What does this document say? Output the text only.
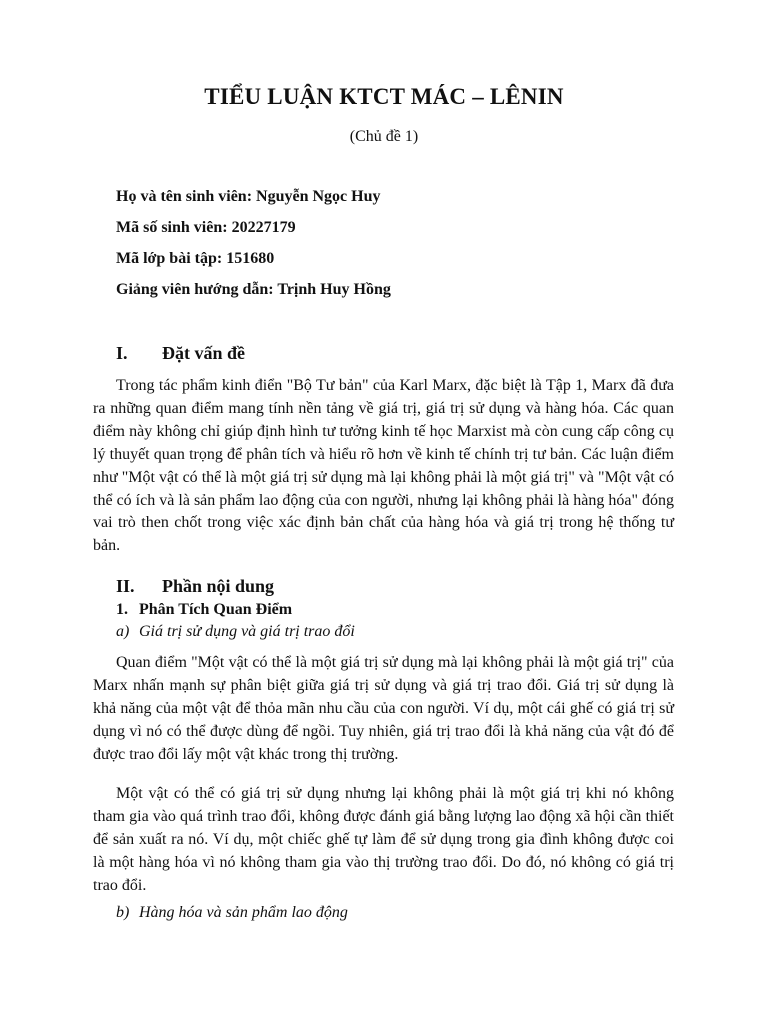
TIỂU LUẬN KTCT MÁC – LÊNIN
(Chủ đề 1)
Họ và tên sinh viên: Nguyễn Ngọc Huy
Mã số sinh viên: 20227179
Mã lớp bài tập: 151680
Giảng viên hướng dẫn: Trịnh Huy Hồng
I. Đặt vấn đề
Trong tác phẩm kinh điển "Bộ Tư bản" của Karl Marx, đặc biệt là Tập 1, Marx đã đưa ra những quan điểm mang tính nền tảng về giá trị, giá trị sử dụng và hàng hóa. Các quan điểm này không chỉ giúp định hình tư tưởng kinh tế học Marxist mà còn cung cấp công cụ lý thuyết quan trọng để phân tích và hiểu rõ hơn về kinh tế chính trị tư bản. Các luận điểm như "Một vật có thể là một giá trị sử dụng mà lại không phải là một giá trị" và "Một vật có thể có ích và là sản phẩm lao động của con người, nhưng lại không phải là hàng hóa" đóng vai trò then chốt trong việc xác định bản chất của hàng hóa và giá trị trong hệ thống tư bản.
II. Phần nội dung
1. Phân Tích Quan Điểm
a) Giá trị sử dụng và giá trị trao đổi
Quan điểm "Một vật có thể là một giá trị sử dụng mà lại không phải là một giá trị" của Marx nhấn mạnh sự phân biệt giữa giá trị sử dụng và giá trị trao đổi. Giá trị sử dụng là khả năng của một vật để thỏa mãn nhu cầu của con người. Ví dụ, một cái ghế có giá trị sử dụng vì nó có thể được dùng để ngồi. Tuy nhiên, giá trị trao đổi là khả năng của vật đó để được trao đổi lấy một vật khác trong thị trường.
Một vật có thể có giá trị sử dụng nhưng lại không phải là một giá trị khi nó không tham gia vào quá trình trao đổi, không được đánh giá bằng lượng lao động xã hội cần thiết để sản xuất ra nó. Ví dụ, một chiếc ghế tự làm để sử dụng trong gia đình không được coi là một hàng hóa vì nó không tham gia vào thị trường trao đổi. Do đó, nó không có giá trị trao đổi.
b) Hàng hóa và sản phẩm lao động
